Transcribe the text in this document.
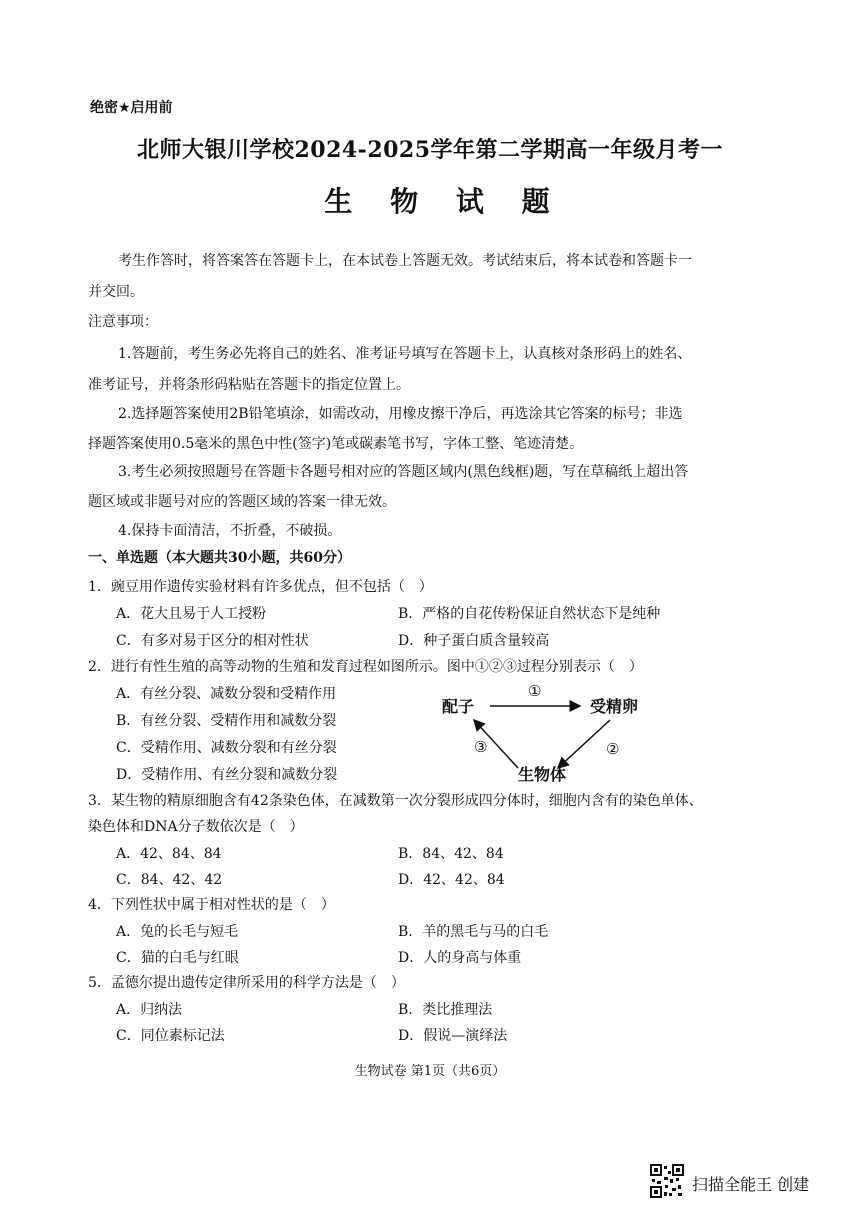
绝密★启用前
北师大银川学校2024-2025学年第二学期高一年级月考一
生 物 试 题
考生作答时，将答案答在答题卡上，在本试卷上答题无效。考试结束后，将本试卷和答题卡一
并交回。
注意事项：
1.答题前，考生务必先将自己的姓名、准考证号填写在答题卡上，认真核对条形码上的姓名、
准考证号，并将条形码粘贴在答题卡的指定位置上。
2.选择题答案使用2B铅笔填涂，如需改动，用橡皮擦干净后，再选涂其它答案的标号；非选
择题答案使用0.5毫米的黑色中性(签字)笔或碳素笔书写，字体工整、笔迹清楚。
3.考生必须按照题号在答题卡各题号相对应的答题区域内(黑色线框)题，写在草稿纸上超出答
题区域或非题号对应的答题区域的答案一律无效。
4.保持卡面清洁，不折叠，不破损。
一、单选题（本大题共30小题，共60分）
1．豌豆用作遗传实验材料有许多优点，但不包括（　）
A．花大且易于人工授粉	B．严格的自花传粉保证自然状态下是纯种
C．有多对易于区分的相对性状	D．种子蛋白质含量较高
2．进行有性生殖的高等动物的生殖和发育过程如图所示。图中①②③过程分别表示（　）
A．有丝分裂、减数分裂和受精作用
B．有丝分裂、受精作用和减数分裂
C．受精作用、减数分裂和有丝分裂
D．受精作用、有丝分裂和减数分裂
配子	受精卵
生物体
①
②
③
3．某生物的精原细胞含有42条染色体，在减数第一次分裂形成四分体时，细胞内含有的染色单体、
染色体和DNA分子数依次是（　）
A．42、84、84	B．84、42、84
C．84、42、42	D．42、42、84
4．下列性状中属于相对性状的是（　）
A．兔的长毛与短毛	B．羊的黑毛与马的白毛
C．猫的白毛与红眼	D．人的身高与体重
5．孟德尔提出遗传定律所采用的科学方法是（　）
A．归纳法	B．类比推理法
C．同位素标记法	D．假说—演绎法
生物试卷 第1页（共6页）
扫描全能王 创建
